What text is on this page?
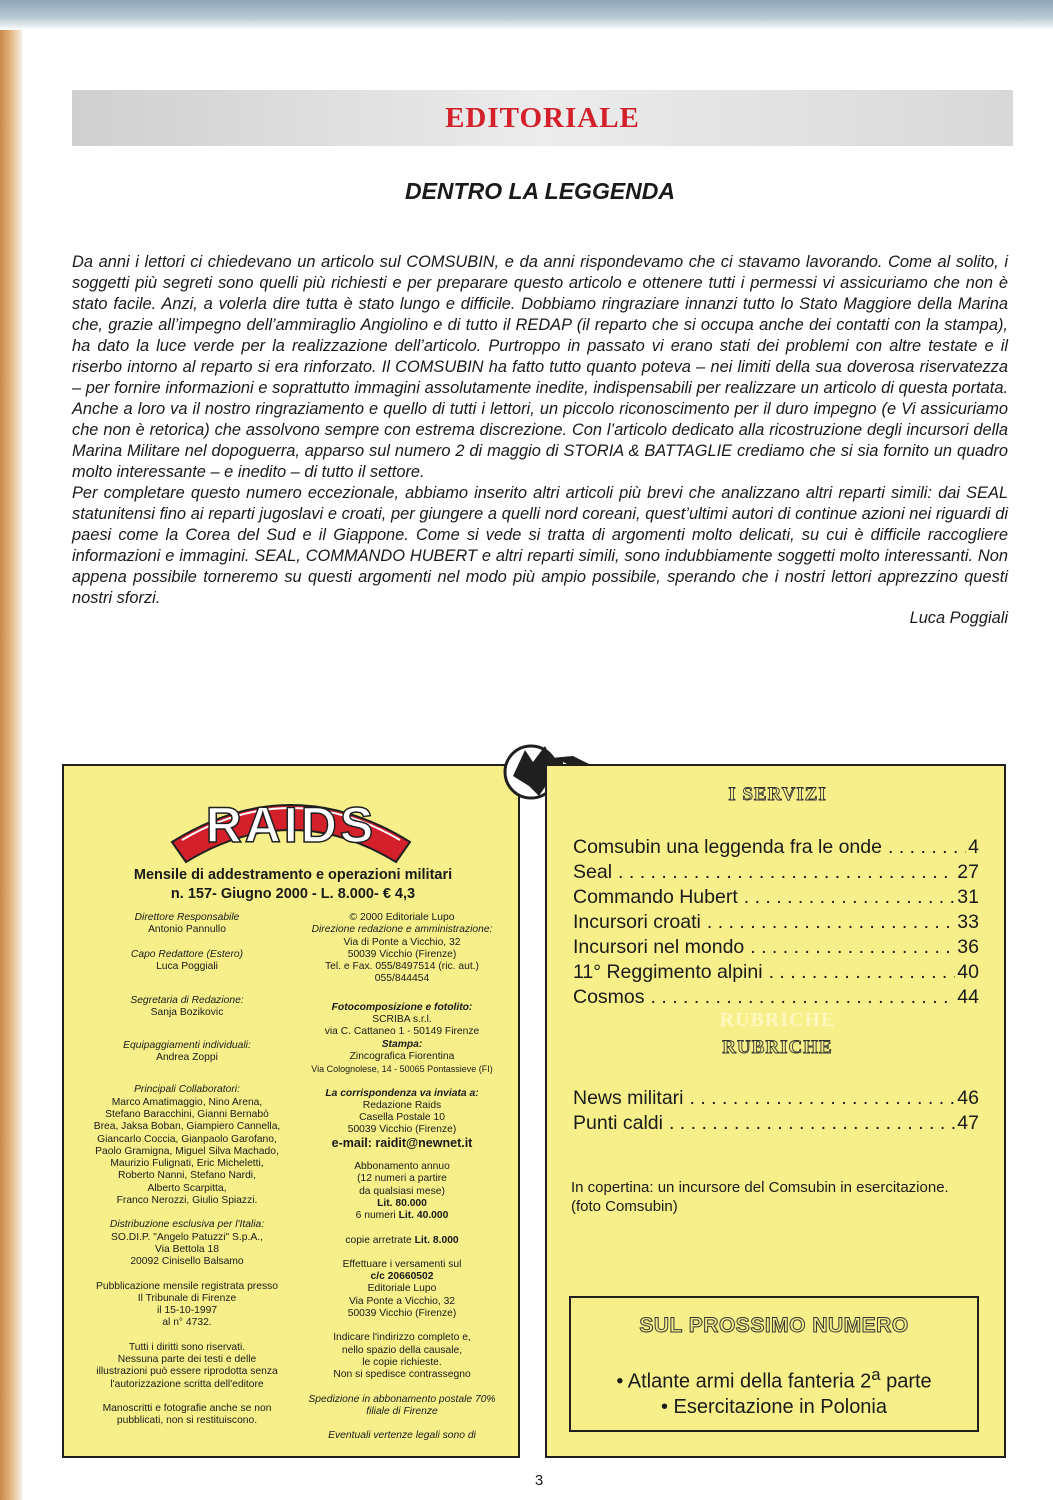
EDITORIALE
DENTRO LA LEGGENDA

Da anni i lettori ci chiedevano un articolo sul COMSUBIN, e da anni rispondevamo che ci stavamo lavorando. Come al solito, i soggetti più segreti sono quelli più richiesti e per preparare questo articolo e ottenere tutti i permessi vi assicuriamo che non è stato facile. Anzi, a volerla dire tutta è stato lungo e difficile. Dobbiamo ringraziare innanzi tutto lo Stato Maggiore della Marina che, grazie all’impegno dell’ammiraglio Angiolino e di tutto il REDAP (il reparto che si occupa anche dei contatti con la stampa), ha dato la luce verde per la realizzazione dell’articolo. Purtroppo in passato vi erano stati dei problemi con altre testate e il riserbo intorno al reparto si era rinforzato. Il COMSUBIN ha fatto tutto quanto poteva – nei limiti della sua doverosa riservatezza – per fornire informazioni e soprattutto immagini assolutamente inedite, indispensabili per realizzare un articolo di questa portata. Anche a loro va il nostro ringraziamento e quello di tutti i lettori, un piccolo riconoscimento per il duro impegno (e Vi assicuriamo che non è retorica) che assolvono sempre con estrema discrezione. Con l’articolo dedicato alla ricostruzione degli incursori della Marina Militare nel dopoguerra, apparso sul numero 2 di maggio di STORIA & BATTAGLIE crediamo che si sia fornito un quadro molto interessante – e inedito – di tutto il settore.

Per completare questo numero eccezionale, abbiamo inserito altri articoli più brevi che analizzano altri reparti simili: dai SEAL statunitensi fino ai reparti jugoslavi e croati, per giungere a quelli nord coreani, quest’ultimi autori di continue azioni nei riguardi di paesi come la Corea del Sud e il Giappone. Come si vede si tratta di argomenti molto delicati, su cui è difficile raccogliere informazioni e immagini. SEAL, COMMANDO HUBERT e altri reparti simili, sono indubbiamente soggetti molto interessanti. Non appena possibile torneremo su questi argomenti nel modo più ampio possibile, sperando che i nostri lettori apprezzino questi nostri sforzi.

Luca Poggiali
RAIDS
Mensile di addestramento e operazioni militari
n. 157- Giugno 2000 - L. 8.000- € 4,3
Direttore Responsabile
Antonio Pannullo
Capo Redattore (Estero)
Luca Poggiali
Segretaria di Redazione:
Sanja Bozikovic
Equipaggiamenti individuali:
Andrea Zoppi
Principali Collaboratori:
Marco Amatimaggio, Nino Arena,
Stefano Baracchini, Gianni Bernabò
Brea, Jaksa Boban, Giampiero Cannella,
Giancarlo Coccia, Gianpaolo Garofano,
Paolo Gramigna, Miguel Silva Machado,
Maurizio Fulignati, Eric Micheletti,
Roberto Nanni, Stefano Nardi,
Alberto Scarpitta,
Franco Nerozzi, Giulio Spiazzi.
Distribuzione esclusiva per l'Italia:
SO.DI.P. "Angelo Patuzzi" S.p.A.,
Via Bettola 18
20092 Cinisello Balsamo
Pubblicazione mensile registrata presso
Il Tribunale di Firenze
il 15-10-1997
al n° 4732.
Tutti i diritti sono riservati.
Nessuna parte dei testi e delle
illustrazioni può essere riprodotta senza
l'autorizzazione scritta dell'editore
Manoscritti e fotografie anche se non
pubblicati, non si restituiscono.
© 2000 Editoriale Lupo
Direzione redazione e amministrazione:
Via di Ponte a Vicchio, 32
50039 Vicchio (Firenze)
Tel. e Fax. 055/8497514 (ric. aut.)
055/844454
Fotocomposizione e fotolito:
SCRIBA s.r.l.
via C. Cattaneo 1 - 50149 Firenze
Stampa:
Zincografica Fiorentina
Via Colognolese, 14 - 50065 Pontassieve (FI)
La corrispondenza va inviata a:
Redazione Raids
Casella Postale 10
50039 Vicchio (Firenze)
e-mail: raidit@newnet.it
Abbonamento annuo
(12 numeri a partire
da qualsiasi mese)
Lit. 80.000
6 numeri Lit. 40.000
copie arretrate Lit. 8.000
Effettuare i versamenti sul
c/c 20660502
Editoriale Lupo
Via Ponte a Vicchio, 32
50039 Vicchio (Firenze)
Indicare l'indirizzo completo e,
nello spazio della causale,
le copie richieste.
Non si spedisce contrassegno
Spedizione in abbonamento postale 70%
filiale di Firenze
Eventuali vertenze legali sono di
I SERVIZI
Comsubin una leggenda fra le onde . . .	4
Seal . . .	27
Commando Hubert . . .	31
Incursori croati . . .	33
Incursori nel mondo . . .	36
11° Reggimento alpini . . .	40
Cosmos . . .	44
RUBRICHE
RUBRICHE
News militari . . .	46
Punti caldi . . .	47
In copertina: un incursore del Comsubin in esercitazione.
(foto Comsubin)
SUL PROSSIMO NUMERO
• Atlante armi della fanteria 2$^a$ parte
• Esercitazione in Polonia
3
